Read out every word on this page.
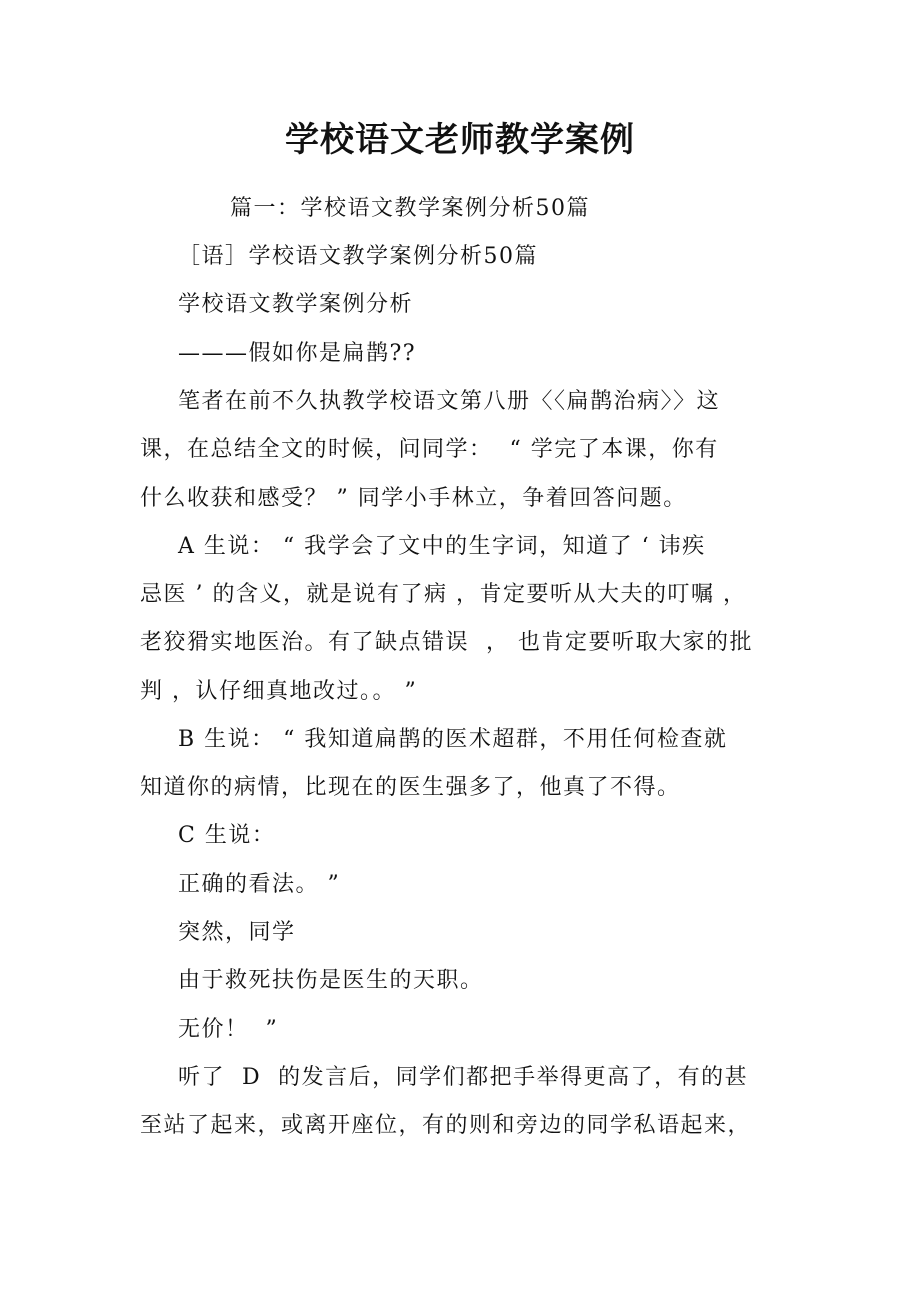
学校语文老师教学案例
篇一：学校语文教学案例分析50篇
［语］学校语文教学案例分析50篇
学校语文教学案例分析
———假如你是扁鹊??
笔者在前不久执教学校语文第八册〈〈扁鹊治病〉〉这
课，在总结全文的时候，问同学：  “ 学完了本课，你有
什么收获和感受？ ” 同学小手林立，争着回答问题。
A 生说： “ 我学会了文中的生字词，知道了 ‘ 讳疾
忌医 ’ 的含义，就是说有了病 ，肯定要听从大夫的叮嘱 ，
老狡猾实地医治。有了缺点错误  ， 也肯定要听取大家的批
判 ，认仔细真地改过。。 ”
B 生说： “ 我知道扁鹊的医术超群，不用任何检查就
知道你的病情，比现在的医生强多了，他真了不得。
C 生说：
正确的看法。 ”
突然，同学
由于救死扶伤是医生的天职。
无价！  ”
听了  D  的发言后，同学们都把手举得更高了，有的甚
至站了起来，或离开座位，有的则和旁边的同学私语起来，
